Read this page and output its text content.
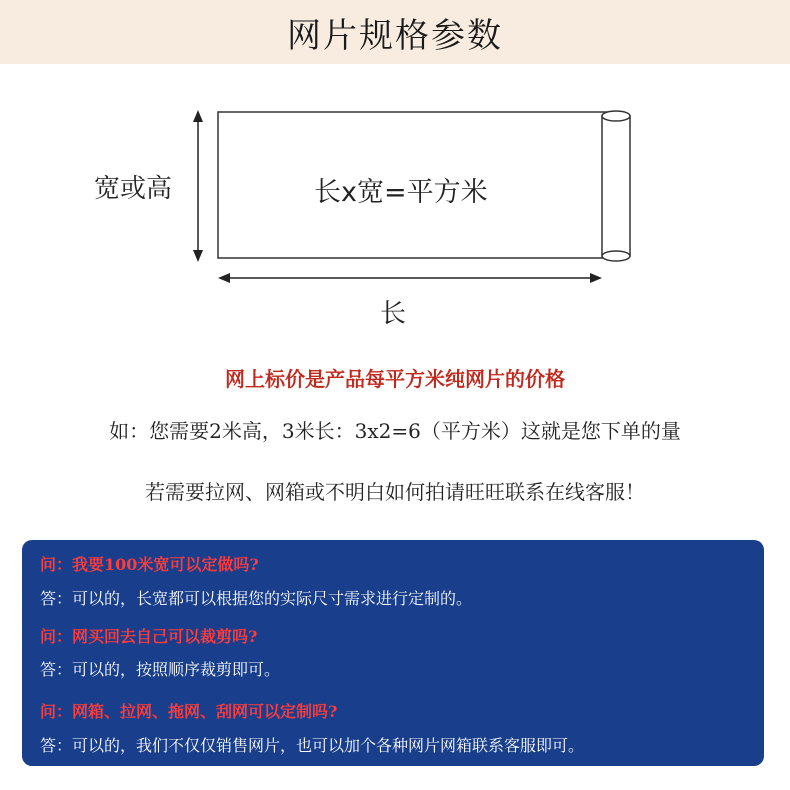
网片规格参数
宽或高	长x宽=平方米
长
网上标价是产品每平方米纯网片的价格
如：您需要2米高，3米长：3x2=6（平方米）这就是您下单的量
若需要拉网、网箱或不明白如何拍请旺旺联系在线客服！
问：我要100米宽可以定做吗?
答：可以的，长宽都可以根据您的实际尺寸需求进行定制的。
问：网买回去自己可以裁剪吗?
答：可以的，按照顺序裁剪即可。
问：网箱、拉网、拖网、刮网可以定制吗?
答：可以的，我们不仅仅销售网片，也可以加个各种网片网箱联系客服即可。
